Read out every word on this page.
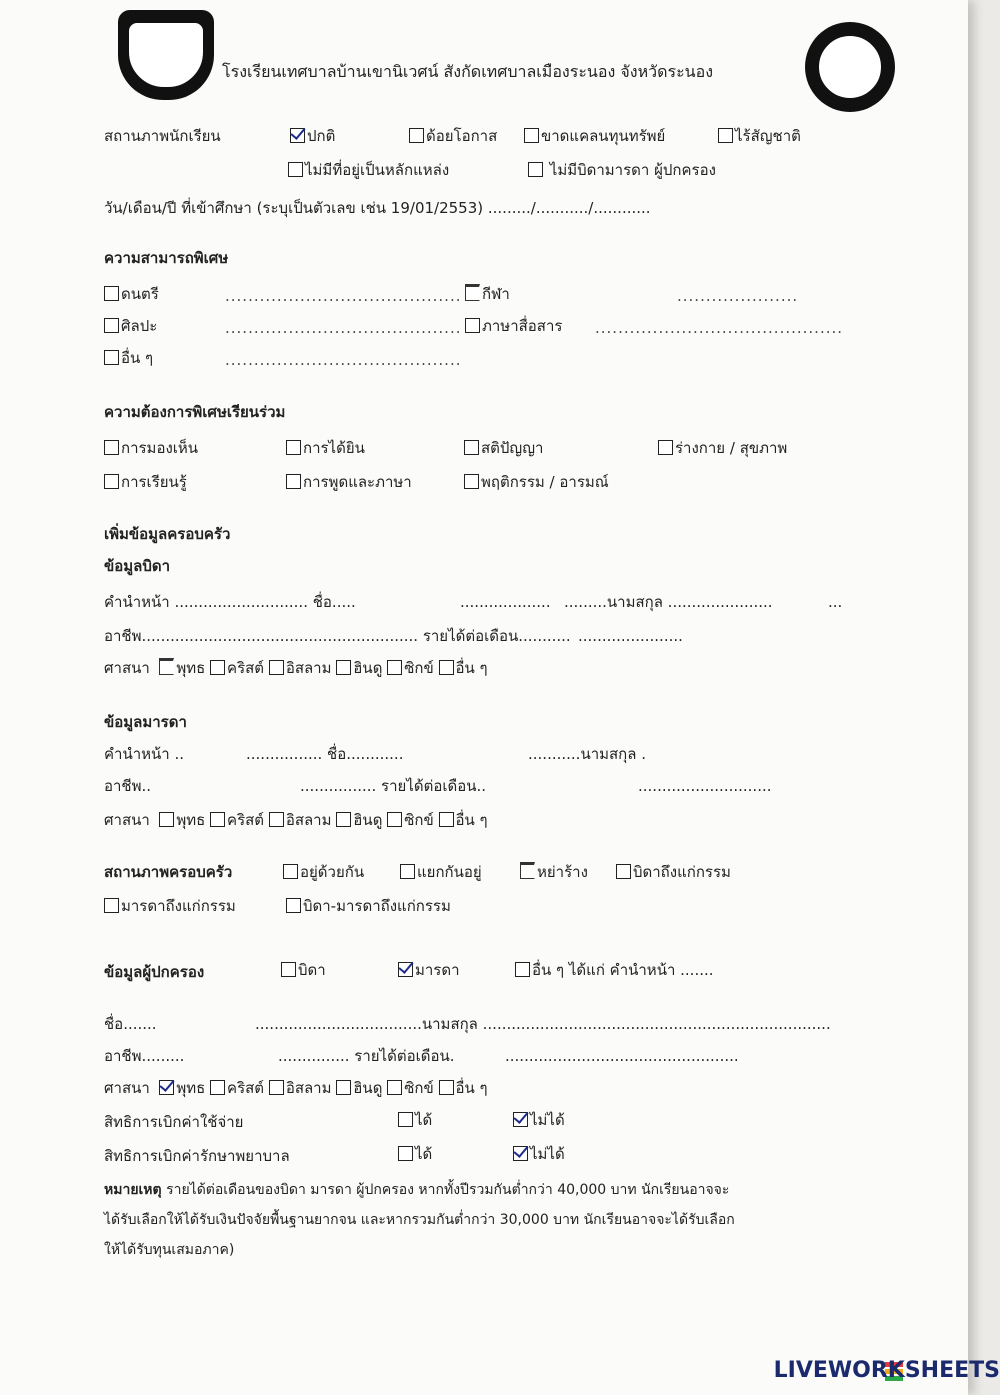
โรงเรียนเทศบาลบ้านเขานิเวศน์ สังกัดเทศบาลเมืองระนอง จังหวัดระนอง
สถานภาพนักเรียน	ปกติ	ด้อยโอกาส	ขาดแคลนทุนทรัพย์	ไร้สัญชาติ
ไม่มีที่อยู่เป็นหลักแหล่ง	ไม่มีบิดามารดา ผู้ปกครอง
วัน/เดือน/ปี ที่เข้าศึกษา (ระบุเป็นตัวเลข เช่น 19/01/2553) ........./.........../............
ความสามารถพิเศษ
ดนตรี	.........................................	กีฬา	.....................
ศิลปะ	.........................................	ภาษาสื่อสาร ...........................................
อื่น ๆ	.........................................
ความต้องการพิเศษเรียนร่วม
การมองเห็น	การได้ยิน	สติปัญญา	ร่างกาย / สุขภาพ
การเรียนรู้	การพูดและภาษา	พฤติกรรม / อารมณ์
เพิ่มข้อมูลครอบครัว
ข้อมูลบิดา
คำนำหน้า ............................ ชื่อ.....	................... .........นามสกุล ......................	...
อาชีพ.......................................................... รายได้ต่อเดือน........... ......................
ศาสนา พุทธ คริสต์ อิสลาม ฮินดู ซิกข์ อื่น ๆ
ข้อมูลมารดา
คำนำหน้า ..	................ ชื่อ............	...........นามสกุล .
อาชีพ..	................ รายได้ต่อเดือน..	............................
ศาสนา พุทธ คริสต์ อิสลาม ฮินดู ซิกข์ อื่น ๆ
สถานภาพครอบครัว	อยู่ด้วยกัน	แยกกันอยู่	หย่าร้าง	บิดาถึงแก่กรรม
มารดาถึงแก่กรรม	บิดา-มารดาถึงแก่กรรม
ข้อมูลผู้ปกครอง	บิดา	มารดา	อื่น ๆ ได้แก่ คำนำหน้า .......
ชื่อ.......	...................................นามสกุล .........................................................................
อาชีพ.........	............... รายได้ต่อเดือน.	.................................................
ศาสนา พุทธ คริสต์ อิสลาม ฮินดู ซิกข์ อื่น ๆ
สิทธิการเบิกค่าใช้จ่าย	ได้	ไม่ได้
สิทธิการเบิกค่ารักษาพยาบาล	ได้	ไม่ได้
หมายเหตุ รายได้ต่อเดือนของบิดา มารดา ผู้ปกครอง หากทั้งปีรวมกันต่ำกว่า 40,000 บาท นักเรียนอาจจะ
ได้รับเลือกให้ได้รับเงินปัจจัยพื้นฐานยากจน และหากรวมกันต่ำกว่า 30,000 บาท นักเรียนอาจจะได้รับเลือก
ให้ได้รับทุนเสมอภาค)
LIVEWORKSHEETS
